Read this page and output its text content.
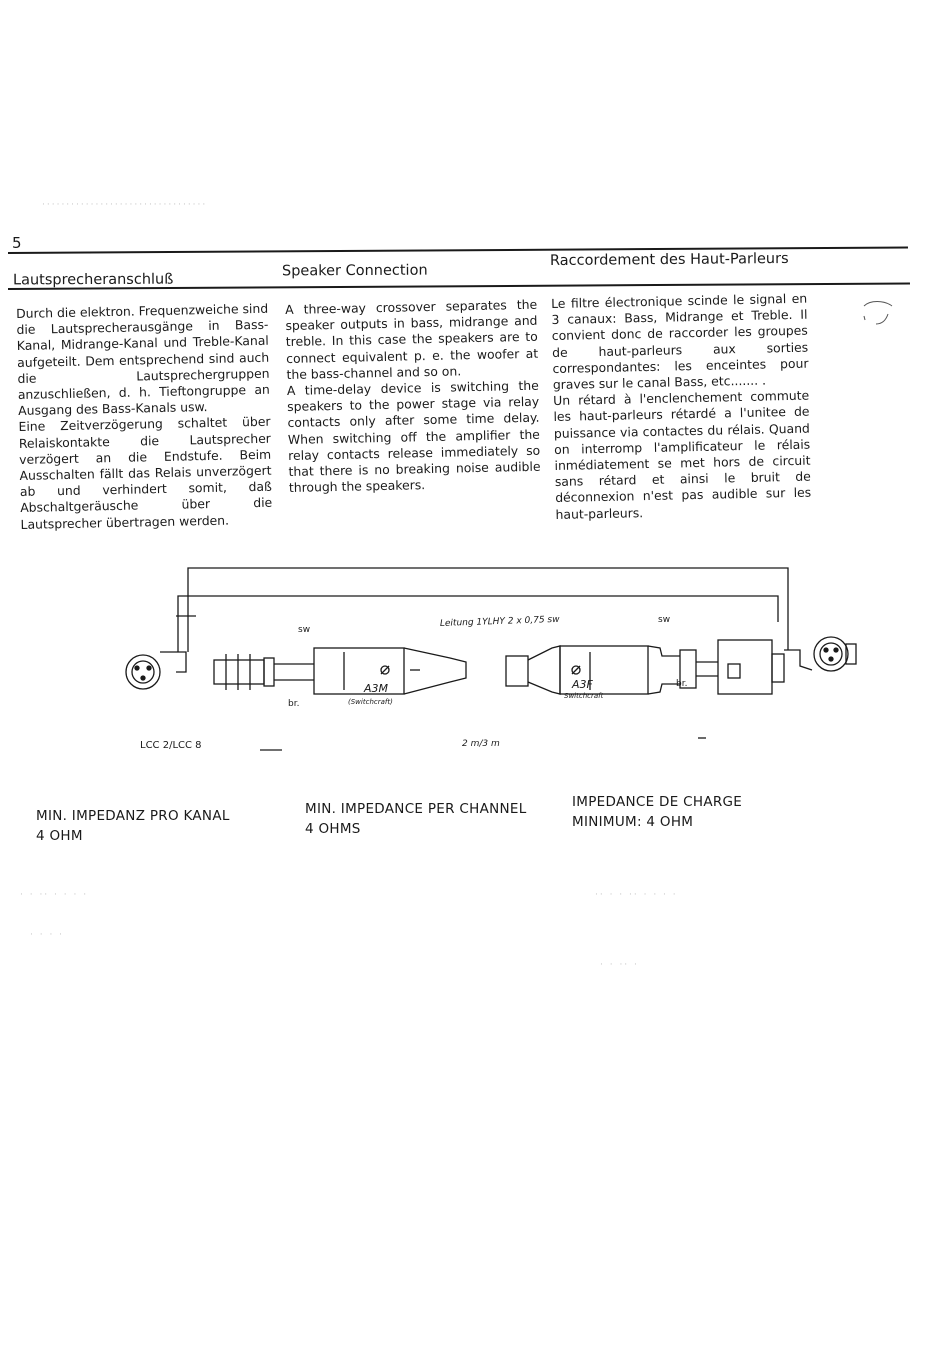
··································
5
Lautsprecheranschluß
Speaker Connection
Raccordement des Haut-Parleurs

Durch die elektron. Frequenzweiche sind die Lautsprecherausgänge in Bass-Kanal, Midrange-Kanal und Treble-Kanal aufgeteilt. Dem entsprechend sind auch die Lautsprechergruppen anzuschließen, d. h. Tieftongruppe an Ausgang des Bass-Kanals usw.

Eine Zeitverzögerung schaltet über Relaiskontakte die Lautsprecher verzögert an die Endstufe. Beim Ausschalten fällt das Relais unverzögert ab und verhindert somit, daß Abschaltgeräusche über die Lautsprecher übertragen werden.

A three-way crossover separates the speaker outputs in bass, midrange and treble. In this case the speakers are to connect equivalent p. e. the woofer at the bass-channel and so on.

A time-delay device is switching the speakers to the power stage via relay contacts only after some time delay. When switching off the amplifier the relay contacts release immediately so that there is no breaking noise audible through the speakers.

Le filtre électronique scinde le signal en 3 canaux: Bass, Midrange et Treble. Il convient donc de raccorder les groupes de haut-parleurs aux sorties correspondantes: les enceintes pour graves sur le canal Bass, etc....... .

Un rétard à l'enclenchement commute les haut-parleurs rétardé a l'unitee de puissance via contactes du rélais. Quand on interromp l'amplificateur le rélais inmédiatement se met hors de circuit sans rétard et ainsi le bruit de déconnexion n'est pas audible sur les haut-parleurs.

Leitung 1YLHY 2 x 0,75 sw
A3M
(Switchcraft)
A3F
Switchcraft
sw
br.
sw
br.
LCC 2/LCC 8	2 m/3 m
MIN. IMPEDANZ PRO KANAL
4 OHM
MIN. IMPEDANCE PER CHANNEL
4 OHMS
IMPEDANCE DE CHARGE
MINIMUM: 4 OHM
· · ·· · · · ·
· · · ·
·· · · ·· · · · ·
· · ·· ·
